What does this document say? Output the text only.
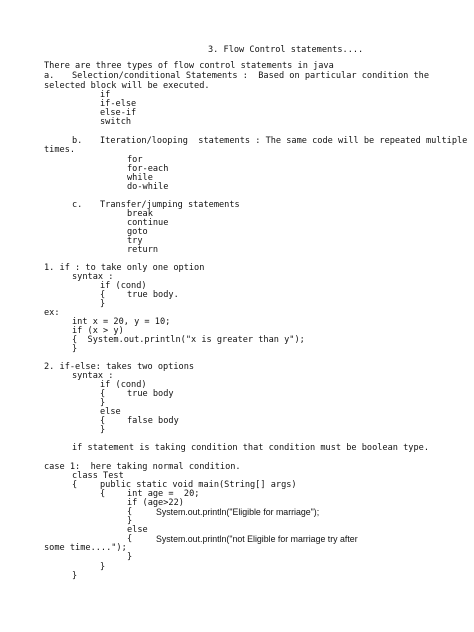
3. Flow Control statements....
There are three types of flow control statements in java
a. Selection/conditional Statements :  Based on particular condition the
selected block will be executed.
if
if-else
else-if
switch
b. Iteration/looping  statements : The same code will be repeated multiple
times.
for
for-each
while
do-while
c. Transfer/jumping statements
break
continue
goto
try
return
1. if : to take only one option
syntax :
if (cond)
{	true body.
}
ex:
int x = 20, y = 10;
if (x > y)
{  System.out.println("x is greater than y");
}
2. if-else: takes two options
syntax :
if (cond)
{	true body
}
else
{	false body
}
if statement is taking condition that condition must be boolean type.
case 1:  here taking normal condition.
class Test
{	public static void main(String[] args)
{	int age =  20;
if (age>22)
{	System.out.println("Eligible for marriage");
}
else
{	System.out.println("not Eligible for marriage try after
some time....");
}
}
}
